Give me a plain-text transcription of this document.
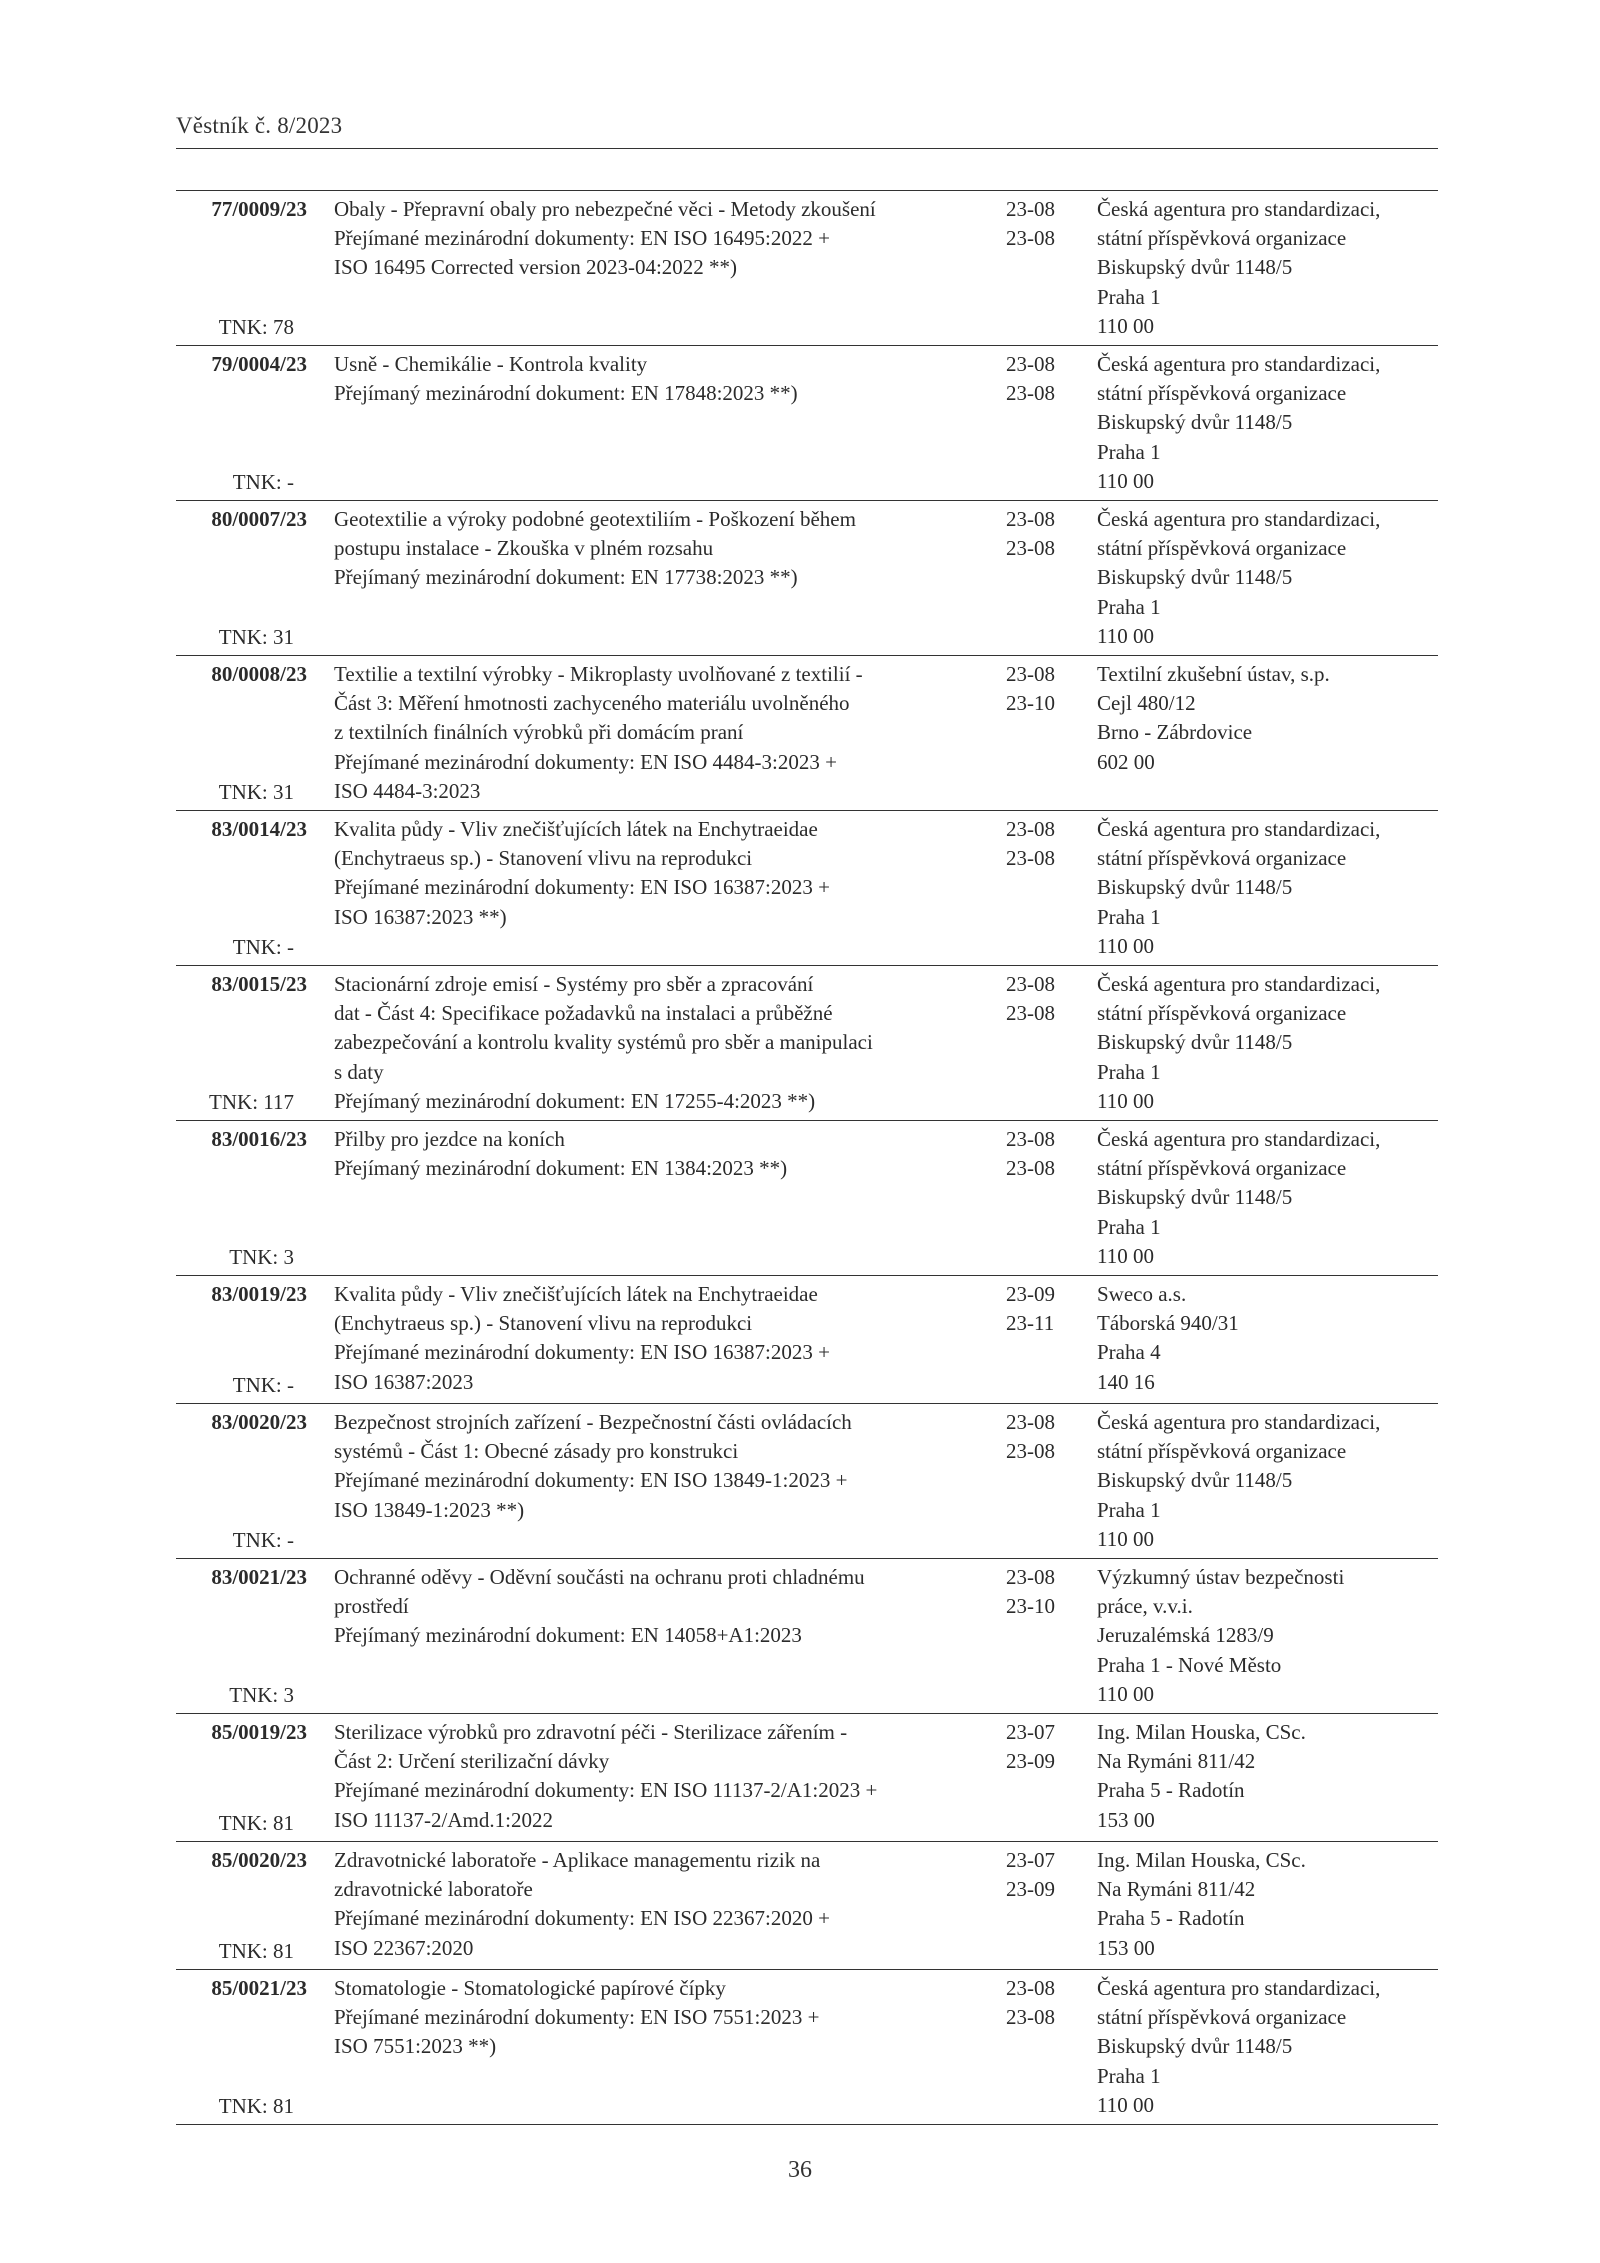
Věstník č. 8/2023
77/0009/23
TNK: 78
Obaly - Přepravní obaly pro nebezpečné věci - Metody zkoušení
Přejímané mezinárodní dokumenty: EN ISO 16495:2022 +
ISO 16495 Corrected version 2023-04:2022 **)
23-08
23-08
Česká agentura pro standardizaci,
státní příspěvková organizace
Biskupský dvůr 1148/5
Praha 1
110 00
79/0004/23
TNK: -
Usně - Chemikálie - Kontrola kvality
Přejímaný mezinárodní dokument: EN 17848:2023 **)
23-08
23-08
Česká agentura pro standardizaci,
státní příspěvková organizace
Biskupský dvůr 1148/5
Praha 1
110 00
80/0007/23
TNK: 31
Geotextilie a výroky podobné geotextiliím - Poškození během
postupu instalace - Zkouška v plném rozsahu
Přejímaný mezinárodní dokument: EN 17738:2023 **)
23-08
23-08
Česká agentura pro standardizaci,
státní příspěvková organizace
Biskupský dvůr 1148/5
Praha 1
110 00
80/0008/23
TNK: 31
Textilie a textilní výrobky - Mikroplasty uvolňované z textilií -
Část 3: Měření hmotnosti zachyceného materiálu uvolněného
z textilních finálních výrobků při domácím praní
Přejímané mezinárodní dokumenty: EN ISO 4484-3:2023 +
ISO 4484-3:2023
23-08
23-10
Textilní zkušební ústav, s.p.
Cejl 480/12
Brno - Zábrdovice
602 00
83/0014/23
TNK: -
Kvalita půdy - Vliv znečišťujících látek na Enchytraeidae
(Enchytraeus sp.) - Stanovení vlivu na reprodukci
Přejímané mezinárodní dokumenty: EN ISO 16387:2023 +
ISO 16387:2023 **)
23-08
23-08
Česká agentura pro standardizaci,
státní příspěvková organizace
Biskupský dvůr 1148/5
Praha 1
110 00
83/0015/23
TNK: 117
Stacionární zdroje emisí - Systémy pro sběr a zpracování
dat - Část 4: Specifikace požadavků na instalaci a průběžné
zabezpečování a kontrolu kvality systémů pro sběr a manipulaci
s daty
Přejímaný mezinárodní dokument: EN 17255-4:2023 **)
23-08
23-08
Česká agentura pro standardizaci,
státní příspěvková organizace
Biskupský dvůr 1148/5
Praha 1
110 00
83/0016/23
TNK: 3
Přilby pro jezdce na koních
Přejímaný mezinárodní dokument: EN 1384:2023 **)
23-08
23-08
Česká agentura pro standardizaci,
státní příspěvková organizace
Biskupský dvůr 1148/5
Praha 1
110 00
83/0019/23
TNK: -
Kvalita půdy - Vliv znečišťujících látek na Enchytraeidae
(Enchytraeus sp.) - Stanovení vlivu na reprodukci
Přejímané mezinárodní dokumenty: EN ISO 16387:2023 +
ISO 16387:2023
23-09
23-11
Sweco a.s.
Táborská 940/31
Praha 4
140 16
83/0020/23
TNK: -
Bezpečnost strojních zařízení - Bezpečnostní části ovládacích
systémů - Část 1: Obecné zásady pro konstrukci
Přejímané mezinárodní dokumenty: EN ISO 13849-1:2023 +
ISO 13849-1:2023 **)
23-08
23-08
Česká agentura pro standardizaci,
státní příspěvková organizace
Biskupský dvůr 1148/5
Praha 1
110 00
83/0021/23
TNK: 3
Ochranné oděvy - Oděvní součásti na ochranu proti chladnému
prostředí
Přejímaný mezinárodní dokument: EN 14058+A1:2023
23-08
23-10
Výzkumný ústav bezpečnosti
práce, v.v.i.
Jeruzalémská 1283/9
Praha 1 - Nové Město
110 00
85/0019/23
TNK: 81
Sterilizace výrobků pro zdravotní péči - Sterilizace zářením -
Část 2: Určení sterilizační dávky
Přejímané mezinárodní dokumenty: EN ISO 11137-2/A1:2023 +
ISO 11137-2/Amd.1:2022
23-07
23-09
Ing. Milan Houska, CSc.
Na Rymáni 811/42
Praha 5 - Radotín
153 00
85/0020/23
TNK: 81
Zdravotnické laboratoře - Aplikace managementu rizik na
zdravotnické laboratoře
Přejímané mezinárodní dokumenty: EN ISO 22367:2020 +
ISO 22367:2020
23-07
23-09
Ing. Milan Houska, CSc.
Na Rymáni 811/42
Praha 5 - Radotín
153 00
85/0021/23
TNK: 81
Stomatologie - Stomatologické papírové čípky
Přejímané mezinárodní dokumenty: EN ISO 7551:2023 +
ISO 7551:2023 **)
23-08
23-08
Česká agentura pro standardizaci,
státní příspěvková organizace
Biskupský dvůr 1148/5
Praha 1
110 00
36
